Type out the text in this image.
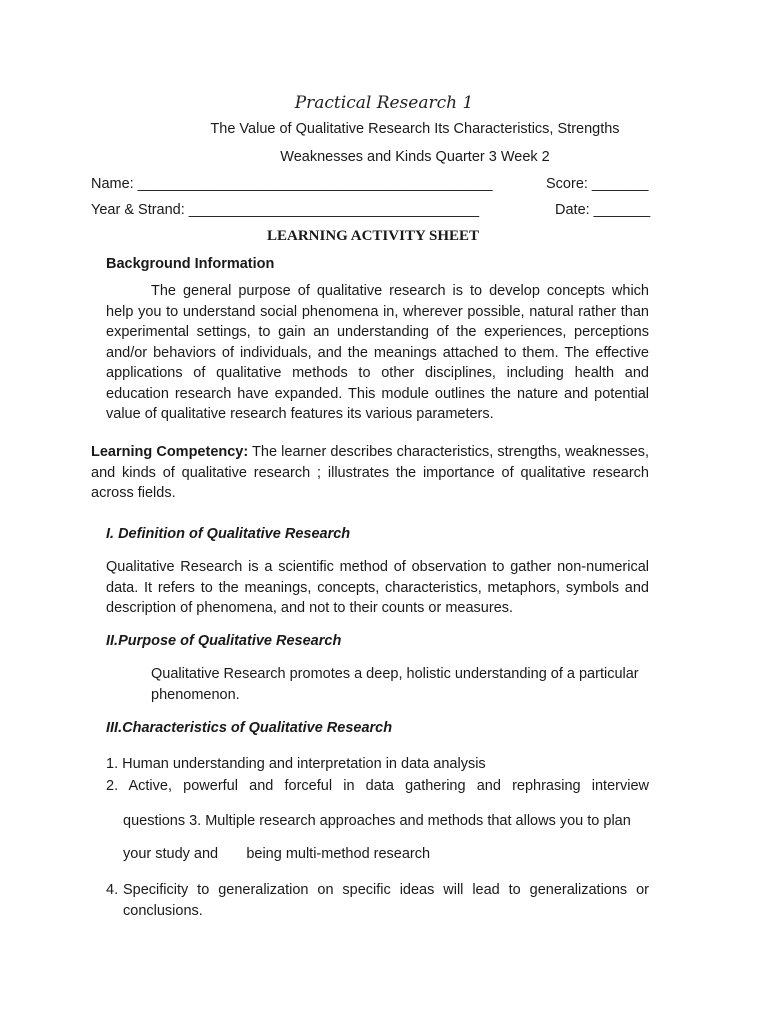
Practical Research 1
The Value of Qualitative Research Its Characteristics, Strengths
Weaknesses and Kinds Quarter 3 Week 2
Name: ____________________________________________	Score: _______
Year & Strand: ____________________________________	Date: _______
LEARNING ACTIVITY SHEET
Background Information
The general purpose of qualitative research is to develop concepts which help you to understand social phenomena in, wherever possible, natural rather than experimental settings, to gain an understanding of the experiences, perceptions and/or behaviors of individuals, and the meanings attached to them. The effective applications of qualitative methods to other disciplines, including health and education research have expanded. This module outlines the nature and potential value of qualitative research features its various parameters.
Learning Competency: The learner describes characteristics, strengths, weaknesses, and kinds of qualitative research ; illustrates the importance of qualitative research across fields.
I. Definition of Qualitative Research
Qualitative Research is a scientific method of observation to gather non-numerical data. It refers to the meanings, concepts, characteristics, metaphors, symbols and description of phenomena, and not to their counts or measures.
II.Purpose of Qualitative Research
Qualitative Research promotes a deep, holistic understanding of a particular phenomenon.
III.Characteristics of Qualitative Research
1. Human understanding and interpretation in data analysis
2. Active, powerful and forceful in data gathering and rephrasing interview
questions 3. Multiple research approaches and methods that allows you to plan
your study and       being multi-method research
4. Specificity to generalization on specific ideas will lead to generalizations or conclusions.
